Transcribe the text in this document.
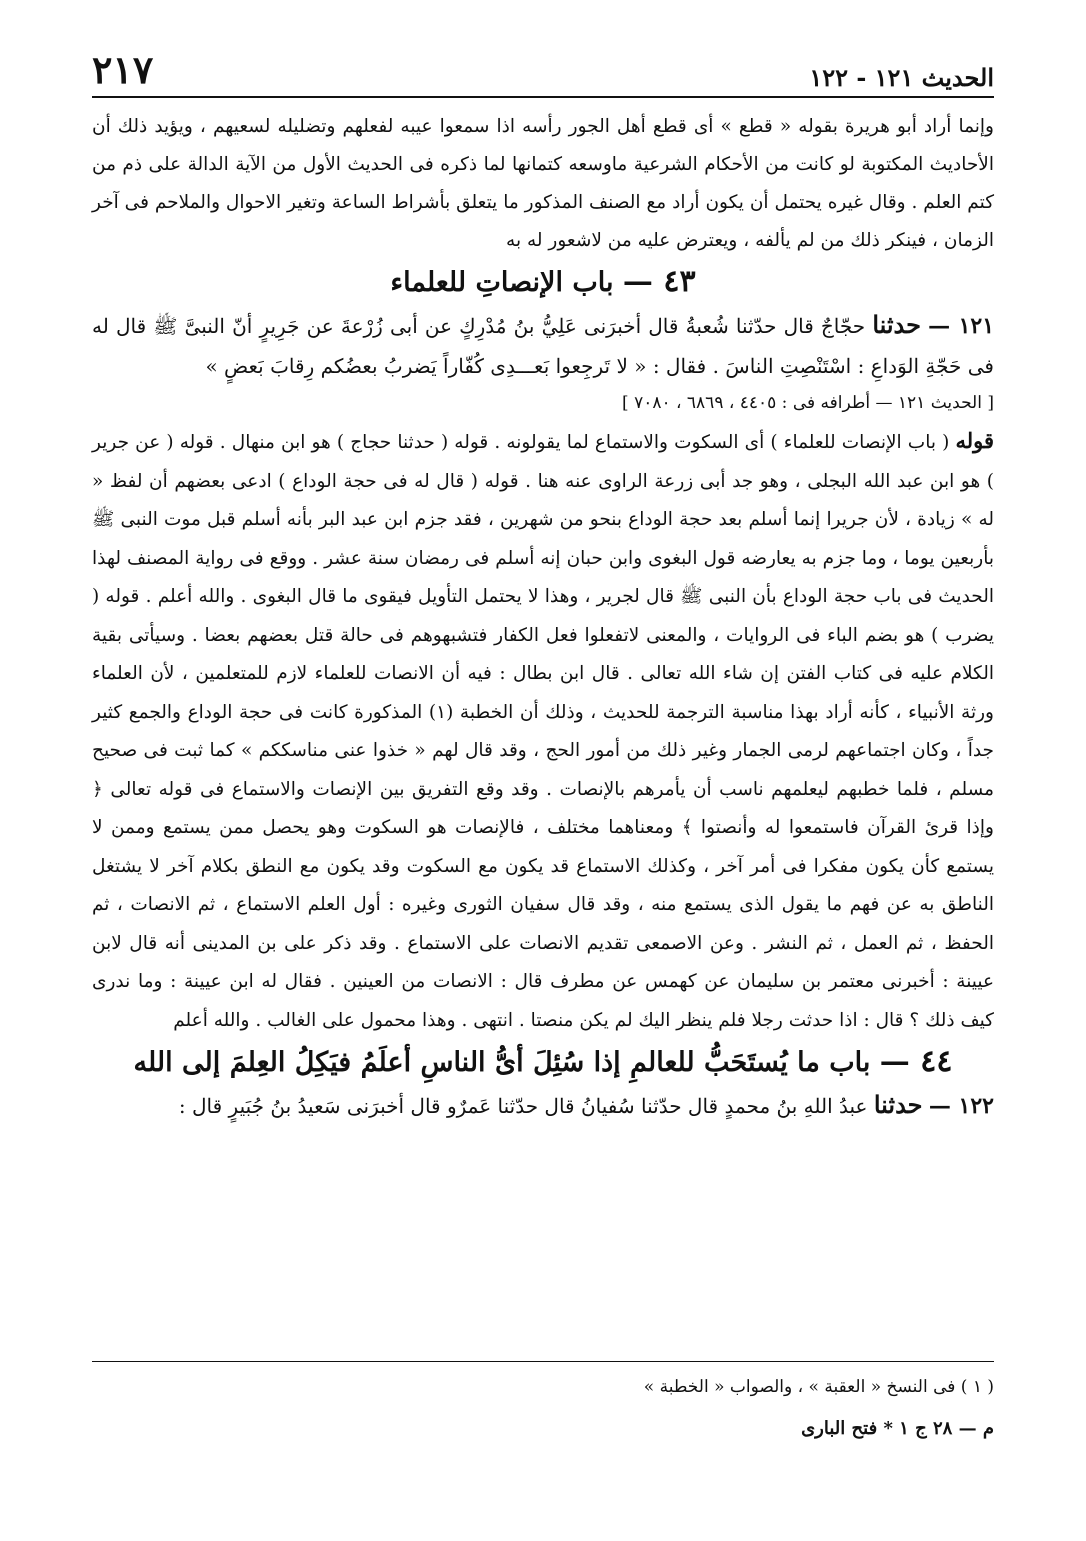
الحديث ١٢١ - ١٢٢
٢١٧

وإنما أراد أبو هريرة بقوله « قطع » أى قطع أهل الجور رأسه اذا سمعوا عيبه لفعلهم وتضليله لسعيهم ، ويؤيد ذلك أن الأحاديث المكتوبة لو كانت من الأحكام الشرعية ماوسعه كتمانها لما ذكره فى الحديث الأول من الآية الدالة على ذم من كتم العلم . وقال غيره يحتمل أن يكون أراد مع الصنف المذكور ما يتعلق بأشراط الساعة وتغير الاحوال والملاحم فى آخر الزمان ، فينكر ذلك من لم يألفه ، ويعترض عليه من لاشعور له به

٤٣ — باب الإنصاتِ للعلماء

١٢١ — حدثنا حجّاجٌ قال حدّثنا شُعبةُ قال أخبرَنى عَلِيُّ بنُ مُدْرِكٍ عن أبى زُرْعةَ عن جَرِيرٍ أنّ النبىَّ ﷺ قال له فى حَجّةِ الوَداعِ : اسْتَنْصِتِ الناسَ . فقال : « لا تَرجِعوا بَعـــدِى كُفّاراً يَضربُ بعضُكم رِقابَ بَعضٍ »

[ الحديث ١٢١ — أطرافه فى : ٤٤٠٥ ، ٦٨٦٩ ، ٧٠٨٠ ]

قوله ( باب الإنصات للعلماء ) أى السكوت والاستماع لما يقولونه . قوله ( حدثنا حجاج ) هو ابن منهال . قوله ( عن جرير ) هو ابن عبد الله البجلى ، وهو جد أبى زرعة الراوى عنه هنا . قوله ( قال له فى حجة الوداع ) ادعى بعضهم أن لفظ « له » زيادة ، لأن جريرا إنما أسلم بعد حجة الوداع بنحو من شهرين ، فقد جزم ابن عبد البر بأنه أسلم قبل موت النبى ﷺ بأربعين يوما ، وما جزم به يعارضه قول البغوى وابن حبان إنه أسلم فى رمضان سنة عشر . ووقع فى رواية المصنف لهذا الحديث فى باب حجة الوداع بأن النبى ﷺ قال لجرير ، وهذا لا يحتمل التأويل فيقوى ما قال البغوى . والله أعلم . قوله ( يضرب ) هو بضم الباء فى الروايات ، والمعنى لاتفعلوا فعل الكفار فتشبهوهم فى حالة قتل بعضهم بعضا . وسيأتى بقية الكلام عليه فى كتاب الفتن إن شاء الله تعالى . قال ابن بطال : فيه أن الانصات للعلماء لازم للمتعلمين ، لأن العلماء ورثة الأنبياء ، كأنه أراد بهذا مناسبة الترجمة للحديث ، وذلك أن الخطبة (١) المذكورة كانت فى حجة الوداع والجمع كثير جداً ، وكان اجتماعهم لرمى الجمار وغير ذلك من أمور الحج ، وقد قال لهم « خذوا عنى مناسككم » كما ثبت فى صحيح مسلم ، فلما خطبهم ليعلمهم ناسب أن يأمرهم بالإنصات . وقد وقع التفريق بين الإنصات والاستماع فى قوله تعالى ﴿ وإذا قرئ القرآن فاستمعوا له وأنصتوا ﴾ ومعناهما مختلف ، فالإنصات هو السكوت وهو يحصل ممن يستمع وممن لا يستمع كأن يكون مفكرا فى أمر آخر ، وكذلك الاستماع قد يكون مع السكوت وقد يكون مع النطق بكلام آخر لا يشتغل الناطق به عن فهم ما يقول الذى يستمع منه ، وقد قال سفيان الثورى وغيره : أول العلم الاستماع ، ثم الانصات ، ثم الحفظ ، ثم العمل ، ثم النشر . وعن الاصمعى تقديم الانصات على الاستماع . وقد ذكر على بن المدينى أنه قال لابن عيينة : أخبرنى معتمر بن سليمان عن كهمس عن مطرف قال : الانصات من العينين . فقال له ابن عيينة : وما ندرى كيف ذلك ؟ قال : اذا حدثت رجلا فلم ينظر اليك لم يكن منصتا . انتهى . وهذا محمول على الغالب . والله أعلم

٤٤ — باب ما يُستَحَبُّ للعالمِ إذا سُئِلَ أىُّ الناسِ أعلَمُ فيَكِلُ العِلمَ إلى الله

١٢٢ — حدثنا عبدُ اللهِ بنُ محمدٍ قال حدّثنا سُفيانُ قال حدّثنا عَمرٌو قال أخبرَنى سَعيدُ بنُ جُبَيرٍ قال :

( ١ ) فى النسخ « العقبة » ، والصواب « الخطبة »
م — ٢٨ ج ١ * فتح البارى
